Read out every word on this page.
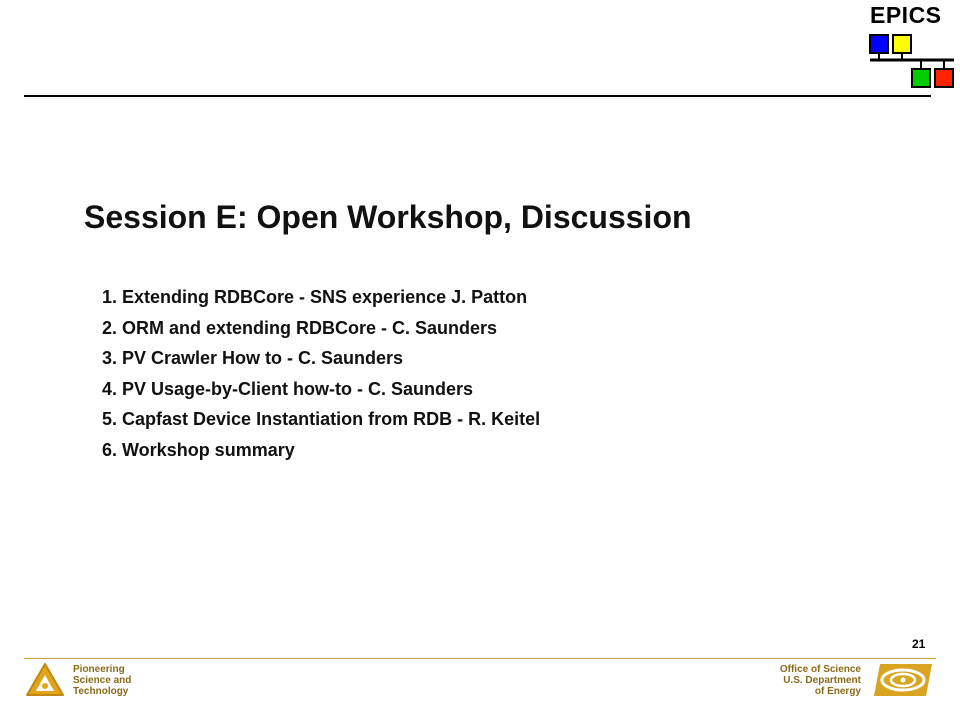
EPICS
Session E: Open Workshop, Discussion
1. Extending RDBCore - SNS experience J. Patton
2. ORM and extending RDBCore - C. Saunders
3. PV Crawler How to - C. Saunders
4. PV Usage-by-Client how-to - C. Saunders
5. Capfast Device Instantiation from RDB - R. Keitel
6. Workshop summary
21
Pioneering
Science and
Technology
Office of Science
U.S. Department
of Energy
